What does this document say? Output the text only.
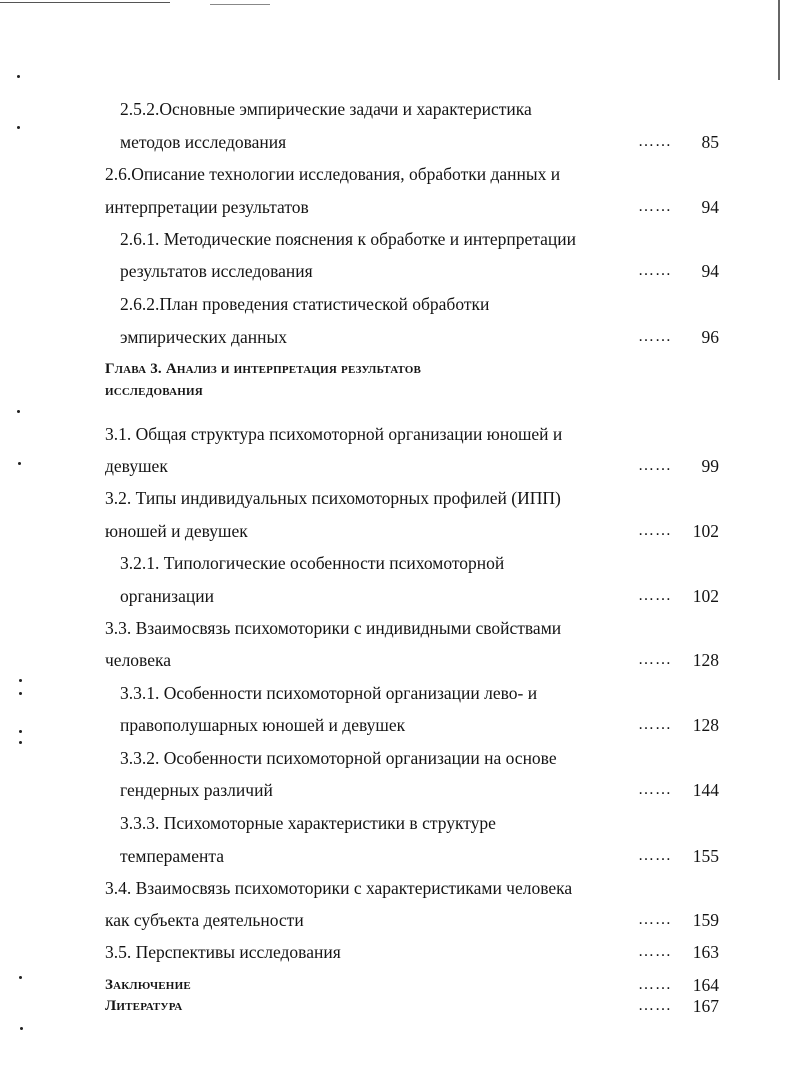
2.5.2.Основные эмпирические задачи и характеристика
методов исследования	……	85
2.6.Описание технологии исследования, обработки данных и
интерпретации результатов	……	94
2.6.1. Методические пояснения к обработке и интерпретации
результатов исследования	……	94
2.6.2.План проведения статистической обработки
эмпирических данных	……	96
Глава 3. Анализ и интерпретация результатов
исследования
3.1. Общая структура психомоторной организации юношей и
девушек	……	99
3.2. Типы индивидуальных психомоторных профилей (ИПП)
юношей и девушек	……	102
3.2.1. Типологические особенности психомоторной
организации	……	102
3.3. Взаимосвязь психомоторики с индивидными свойствами
человека	……	128
3.3.1. Особенности психомоторной организации лево- и
правополушарных юношей и девушек	……	128
3.3.2. Особенности психомоторной организации на основе
гендерных различий	……	144
3.3.3. Психомоторные характеристики в структуре
темперамента	……	155
3.4. Взаимосвязь психомоторики с характеристиками человека
как субъекта деятельности	……	159
3.5. Перспективы исследования	……	163
Заключение	……	164
Литература	……	167
